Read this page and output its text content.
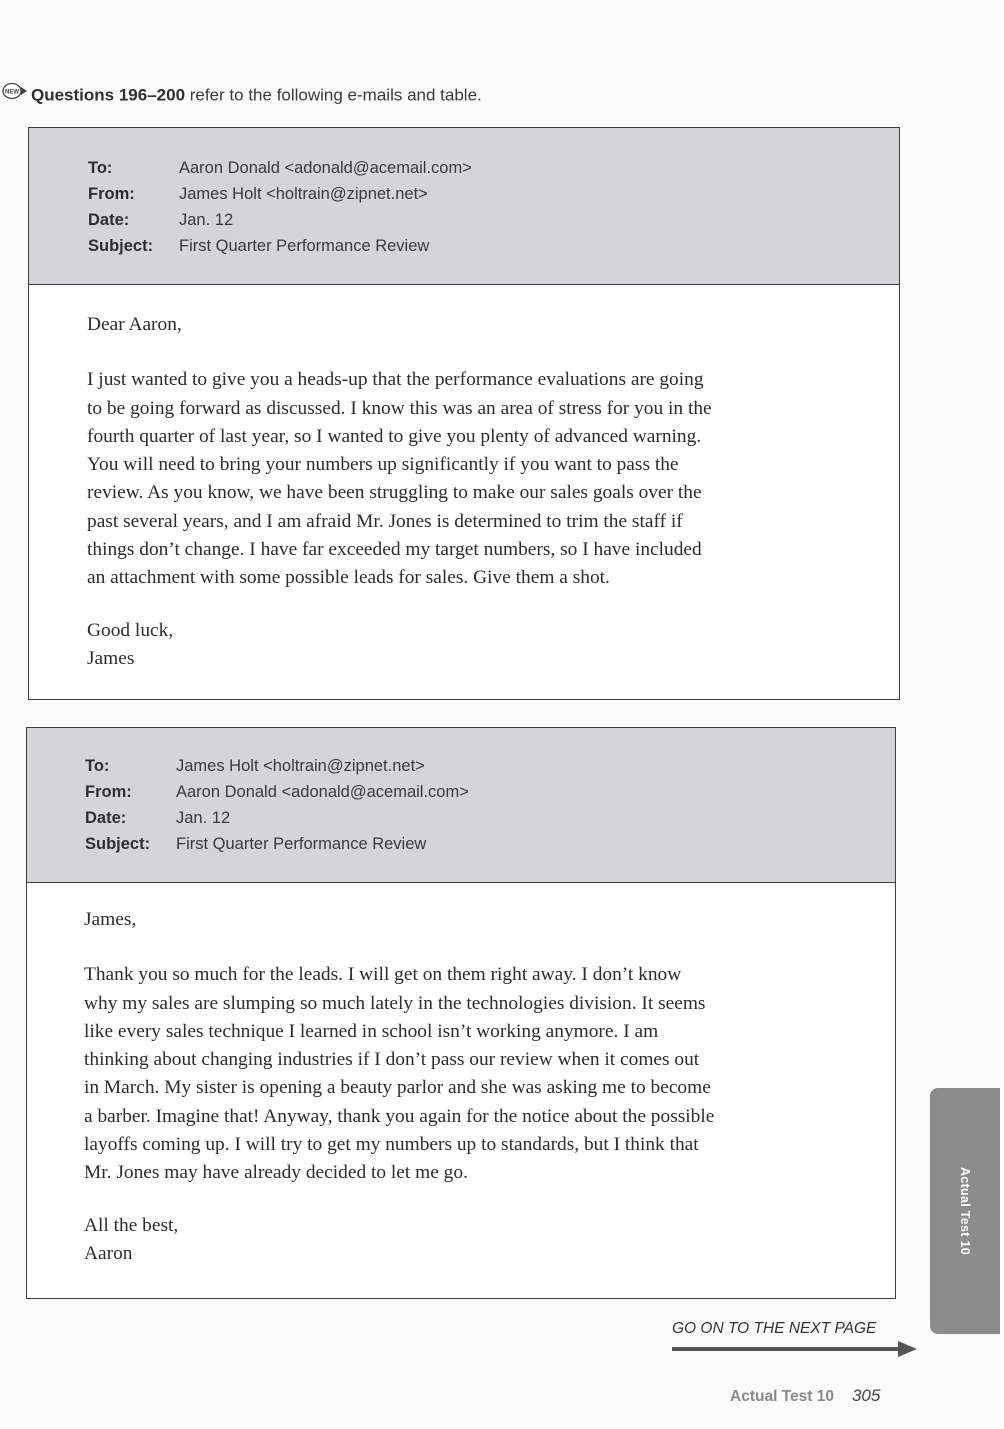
NEW Questions 196–200 refer to the following e-mails and table.
To:	Aaron Donald <adonald@acemail.com>
From:	James Holt <holtrain@zipnet.net>
Date:	Jan. 12
Subject:	First Quarter Performance Review

Dear Aaron,

I just wanted to give you a heads-up that the performance evaluations are going

to be going forward as discussed. I know this was an area of stress for you in the

fourth quarter of last year, so I wanted to give you plenty of advanced warning.

You will need to bring your numbers up significantly if you want to pass the

review. As you know, we have been struggling to make our sales goals over the

past several years, and I am afraid Mr. Jones is determined to trim the staff if

things don’t change. I have far exceeded my target numbers, so I have included

an attachment with some possible leads for sales. Give them a shot.

Good luck,

James

To:	James Holt <holtrain@zipnet.net>
From:	Aaron Donald <adonald@acemail.com>
Date:	Jan. 12
Subject:	First Quarter Performance Review

James,

Thank you so much for the leads. I will get on them right away. I don’t know

why my sales are slumping so much lately in the technologies division. It seems

like every sales technique I learned in school isn’t working anymore. I am

thinking about changing industries if I don’t pass our review when it comes out

in March. My sister is opening a beauty parlor and she was asking me to become

a barber. Imagine that! Anyway, thank you again for the notice about the possible

layoffs coming up. I will try to get my numbers up to standards, but I think that

Mr. Jones may have already decided to let me go.

All the best,

Aaron	Actual Test 10
GO ON TO THE NEXT PAGE
Actual Test 10 305
